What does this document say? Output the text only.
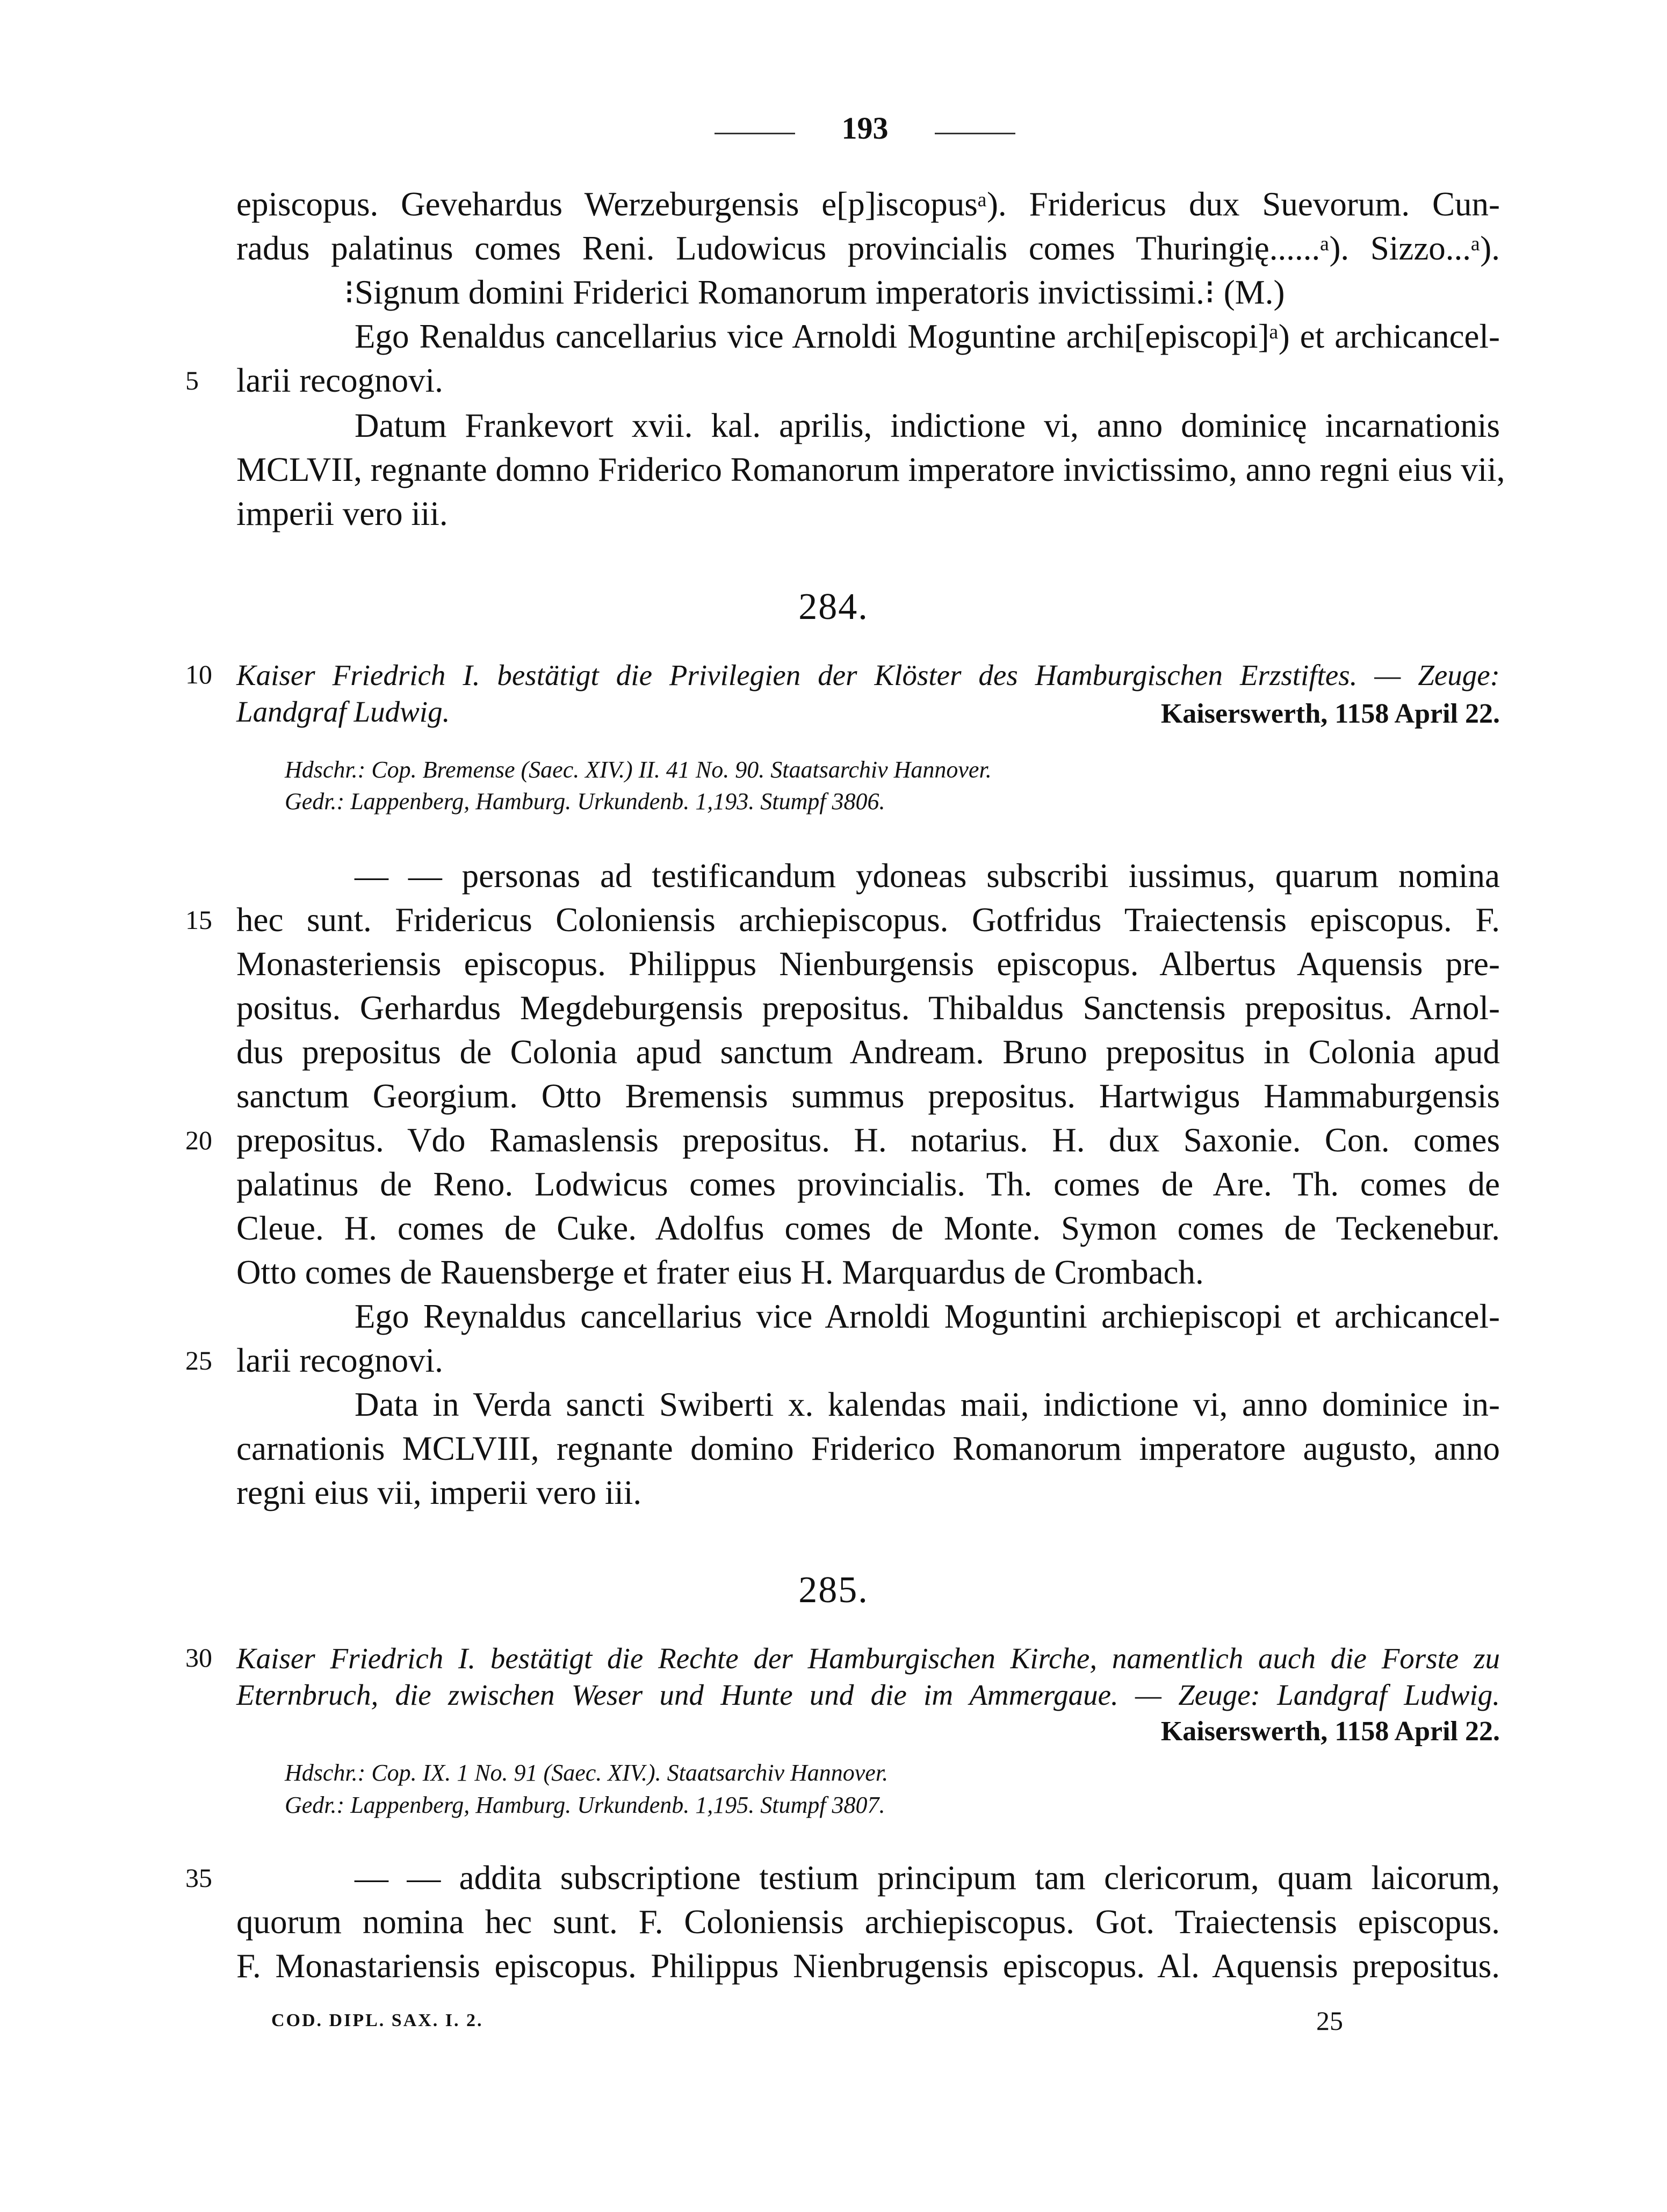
193
episcopus. Gevehardus Werzeburgensis e[p]iscopusᵃ). Fridericus dux Suevorum. Cun-
radus palatinus comes Reni. Ludowicus provincialis comes Thuringię......ᵃ). Sizzo...ᵃ).
⁝Signum domini Friderici Romanorum imperatoris invictissimi.⁝ (M.)
Ego Renaldus cancellarius vice Arnoldi Moguntine archi[episcopi]ᵃ) et archicancel-
5	larii recognovi.
Datum Frankevort xvii. kal. aprilis, indictione vi, anno dominicę incarnationis
MCLVII, regnante domno Friderico Romanorum imperatore invictissimo, anno regni eius vii,
imperii vero iii.
284.
10 Kaiser Friedrich I. bestätigt die Privilegien der Klöster des Hamburgischen Erzstiftes. — Zeuge:
Landgraf Ludwig.	Kaiserswerth, 1158 April 22.
Hdschr.: Cop. Bremense (Saec. XIV.) II. 41 No. 90. Staatsarchiv Hannover.
Gedr.: Lappenberg, Hamburg. Urkundenb. 1,193. Stumpf 3806.
— — personas ad testificandum ydoneas subscribi iussimus, quarum nomina
15 hec sunt. Fridericus Coloniensis archiepiscopus. Gotfridus Traiectensis episcopus. F.
Monasteriensis episcopus. Philippus Nienburgensis episcopus. Albertus Aquensis pre-
positus. Gerhardus Megdeburgensis prepositus. Thibaldus Sanctensis prepositus. Arnol-
dus prepositus de Colonia apud sanctum Andream. Bruno prepositus in Colonia apud
sanctum Georgium. Otto Bremensis summus prepositus. Hartwigus Hammaburgensis
20 prepositus. Vdo Ramaslensis prepositus. H. notarius. H. dux Saxonie. Con. comes
palatinus de Reno. Lodwicus comes provincialis. Th. comes de Are. Th. comes de
Cleue. H. comes de Cuke. Adolfus comes de Monte. Symon comes de Teckenebur.
Otto comes de Rauensberge et frater eius H. Marquardus de Crombach.
Ego Reynaldus cancellarius vice Arnoldi Moguntini archiepiscopi et archicancel-
25 larii recognovi.
Data in Verda sancti Swiberti x. kalendas maii, indictione vi, anno dominice in-
carnationis MCLVIII, regnante domino Friderico Romanorum imperatore augusto, anno
regni eius vii, imperii vero iii.
285.
30 Kaiser Friedrich I. bestätigt die Rechte der Hamburgischen Kirche, namentlich auch die Forste zu
Eternbruch, die zwischen Weser und Hunte und die im Ammergaue. — Zeuge: Landgraf Ludwig.
Kaiserswerth, 1158 April 22.
Hdschr.: Cop. IX. 1 No. 91 (Saec. XIV.). Staatsarchiv Hannover.
Gedr.: Lappenberg, Hamburg. Urkundenb. 1,195. Stumpf 3807.
35	— — addita subscriptione testium principum tam clericorum, quam laicorum,
quorum nomina hec sunt. F. Coloniensis archiepiscopus. Got. Traiectensis episcopus.
F. Monastariensis episcopus. Philippus Nienbrugensis episcopus. Al. Aquensis prepositus.
COD. DIPL. SAX. I. 2.	25
